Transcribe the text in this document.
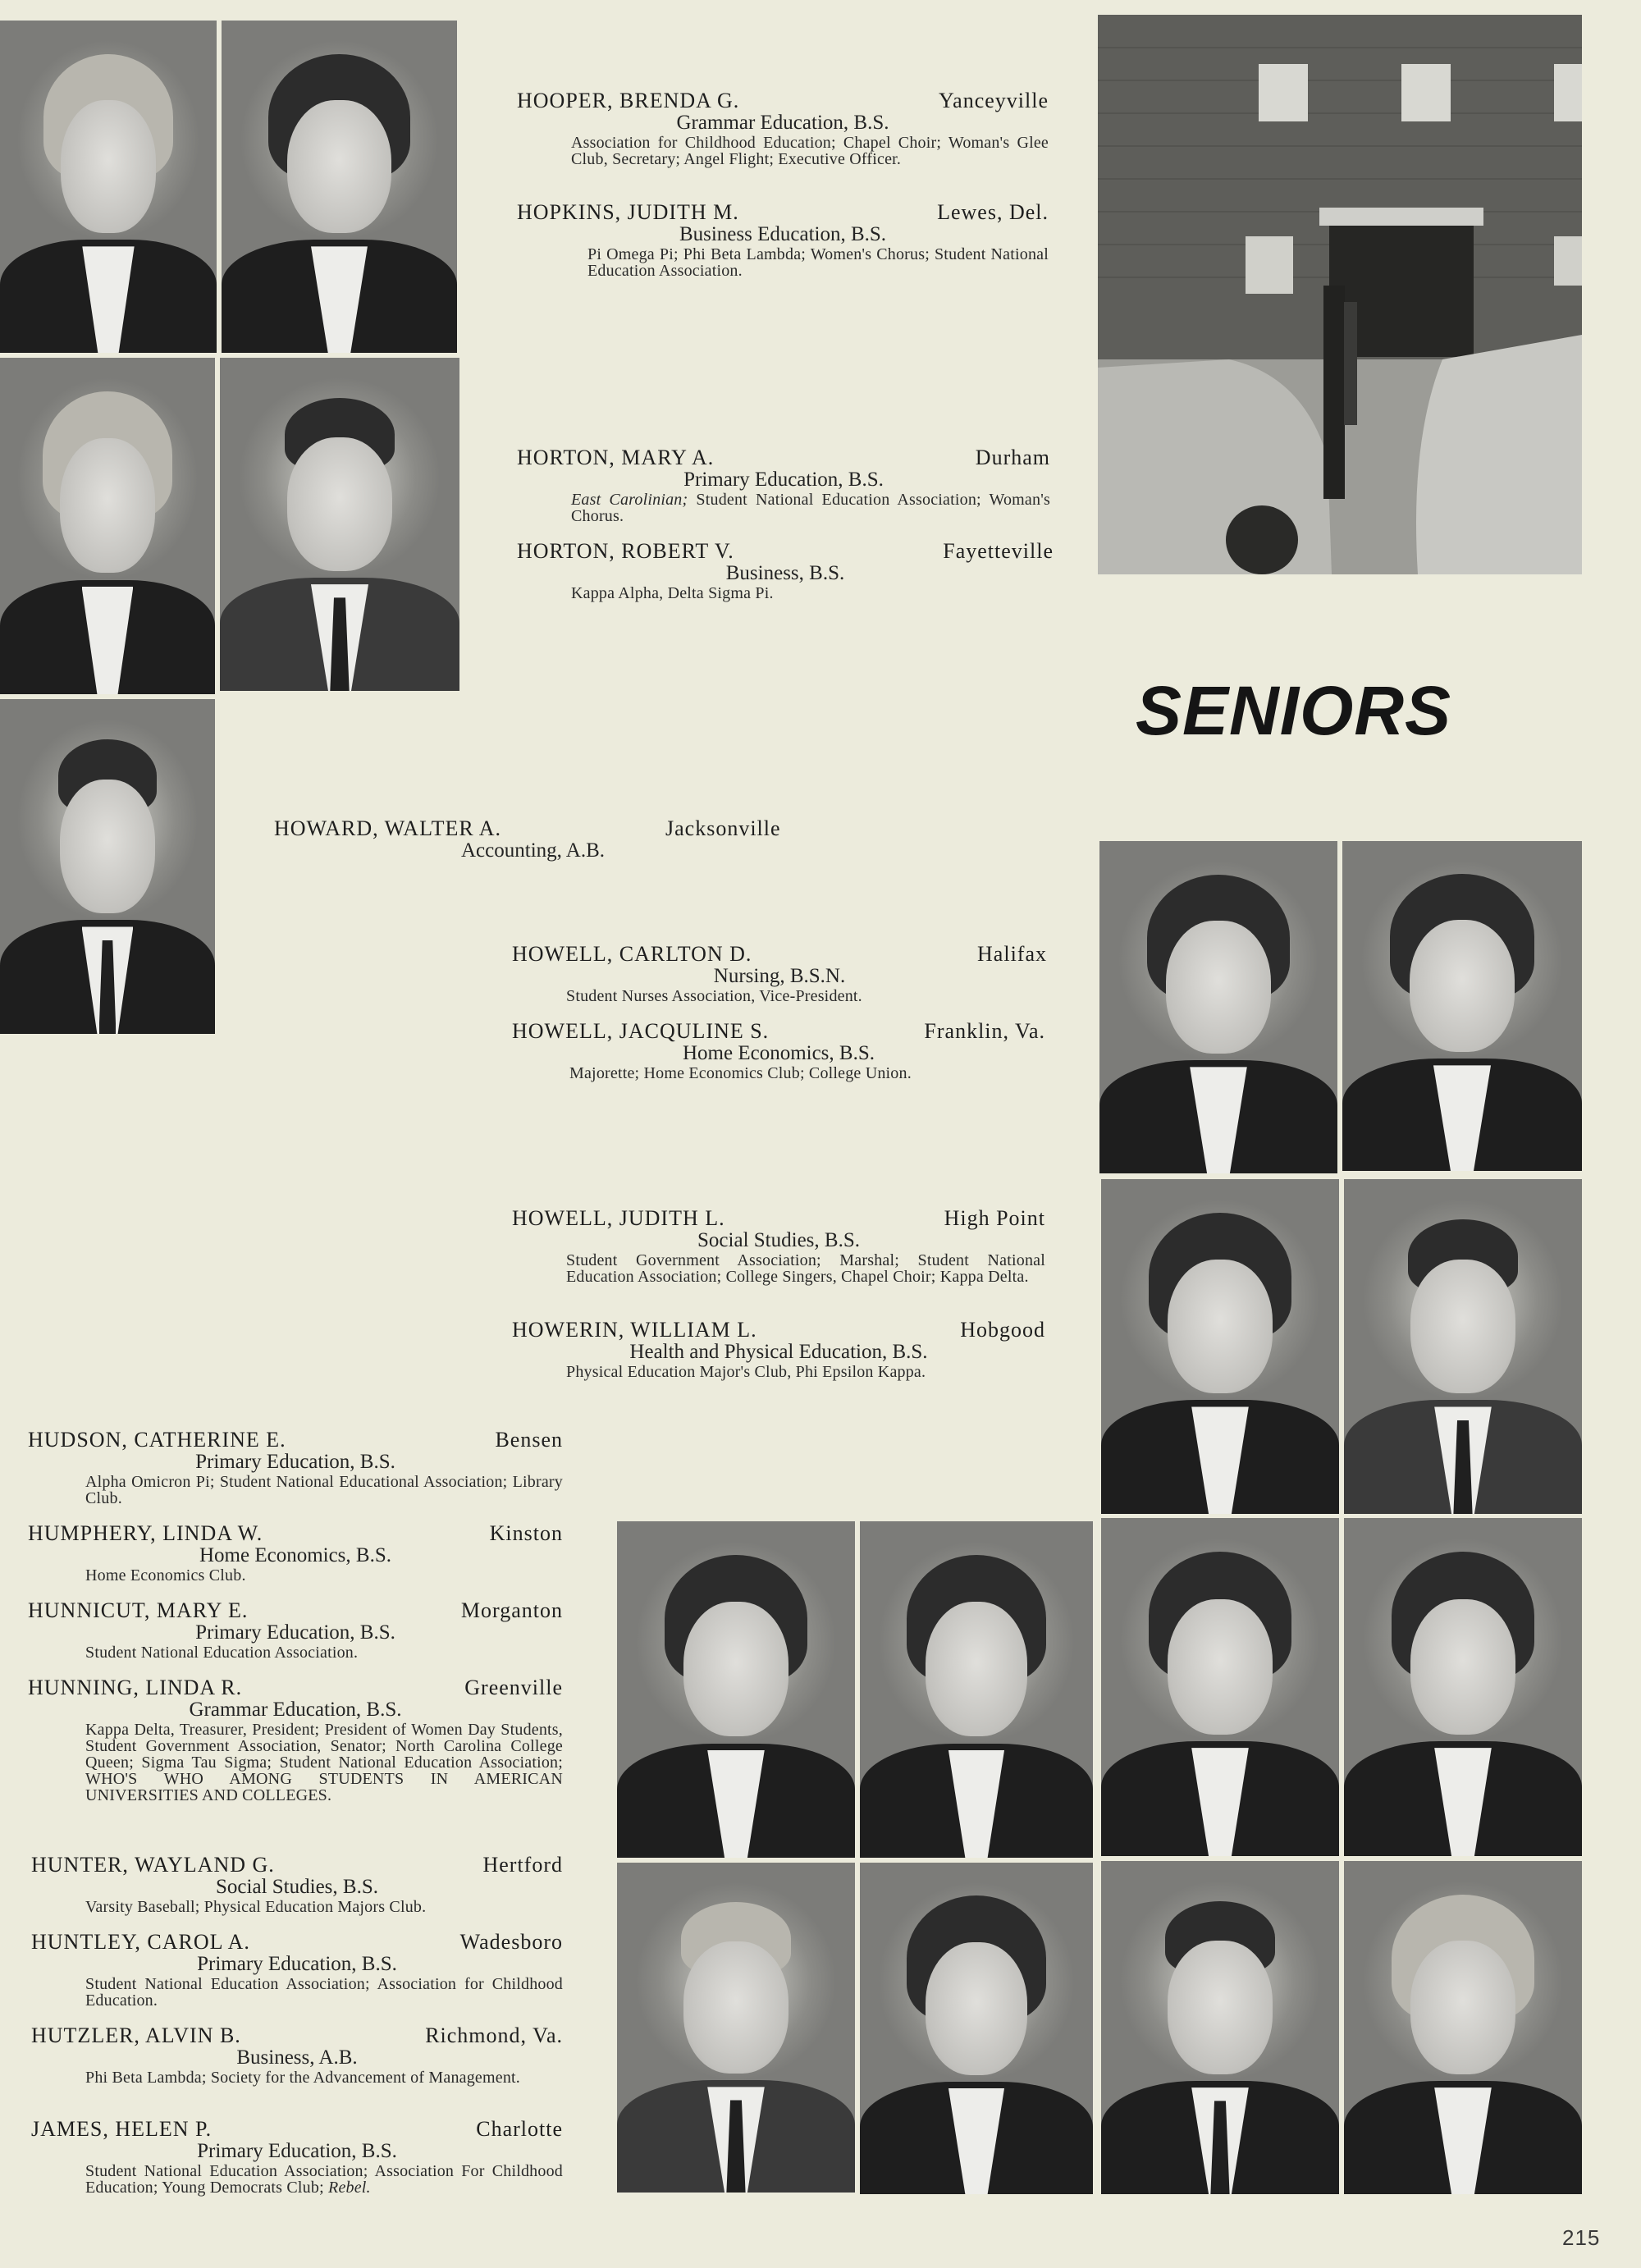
SENIORS
HOOPER, BRENDA G.	Yanceyville
Grammar Education, B.S.
Association for Childhood Education; Chapel Choir; Woman's Glee Club, Secretary; Angel Flight; Executive Officer.
HOPKINS, JUDITH M.	Lewes, Del.
Business Education, B.S.
Pi Omega Pi; Phi Beta Lambda; Women's Chorus; Student National Education Association.
HORTON, MARY A.	Durham
Primary Education, B.S.
East Carolinian; Student National Education Association; Woman's Chorus.
HORTON, ROBERT V.	Fayetteville
Business, B.S.
Kappa Alpha, Delta Sigma Pi.
HOWARD, WALTER A.	Jacksonville
Accounting, A.B.
HOWELL, CARLTON D.	Halifax
Nursing, B.S.N.
Student Nurses Association, Vice-President.
HOWELL, JACQULINE S.	Franklin, Va.
Home Economics, B.S.
Majorette; Home Economics Club; College Union.
HOWELL, JUDITH L.	High Point
Social Studies, B.S.
Student Government Association; Marshal; Student National Education Association; College Singers, Chapel Choir; Kappa Delta.
HOWERIN, WILLIAM L.	Hobgood
Health and Physical Education, B.S.
Physical Education Major's Club, Phi Epsilon Kappa.
HUDSON, CATHERINE E.	Bensen
Primary Education, B.S.
Alpha Omicron Pi; Student National Educational Association; Library Club.
HUMPHERY, LINDA W.	Kinston
Home Economics, B.S.
Home Economics Club.
HUNNICUT, MARY E.	Morganton
Primary Education, B.S.
Student National Education Association.
HUNNING, LINDA R.	Greenville
Grammar Education, B.S.
Kappa Delta, Treasurer, President; President of Women Day Students, Student Government Association, Senator; North Carolina College Queen; Sigma Tau Sigma; Student National Education Association; WHO'S WHO AMONG STUDENTS IN AMERICAN UNIVERSITIES AND COLLEGES.
HUNTER, WAYLAND G.	Hertford
Social Studies, B.S.
Varsity Baseball; Physical Education Majors Club.
HUNTLEY, CAROL A.	Wadesboro
Primary Education, B.S.
Student National Education Association; Association for Childhood Education.
HUTZLER, ALVIN B.	Richmond, Va.
Business, A.B.
Phi Beta Lambda; Society for the Advancement of Management.
JAMES, HELEN P.	Charlotte
Primary Education, B.S.
Student National Education Association; Association For Childhood Education; Young Democrats Club; Rebel.
215
